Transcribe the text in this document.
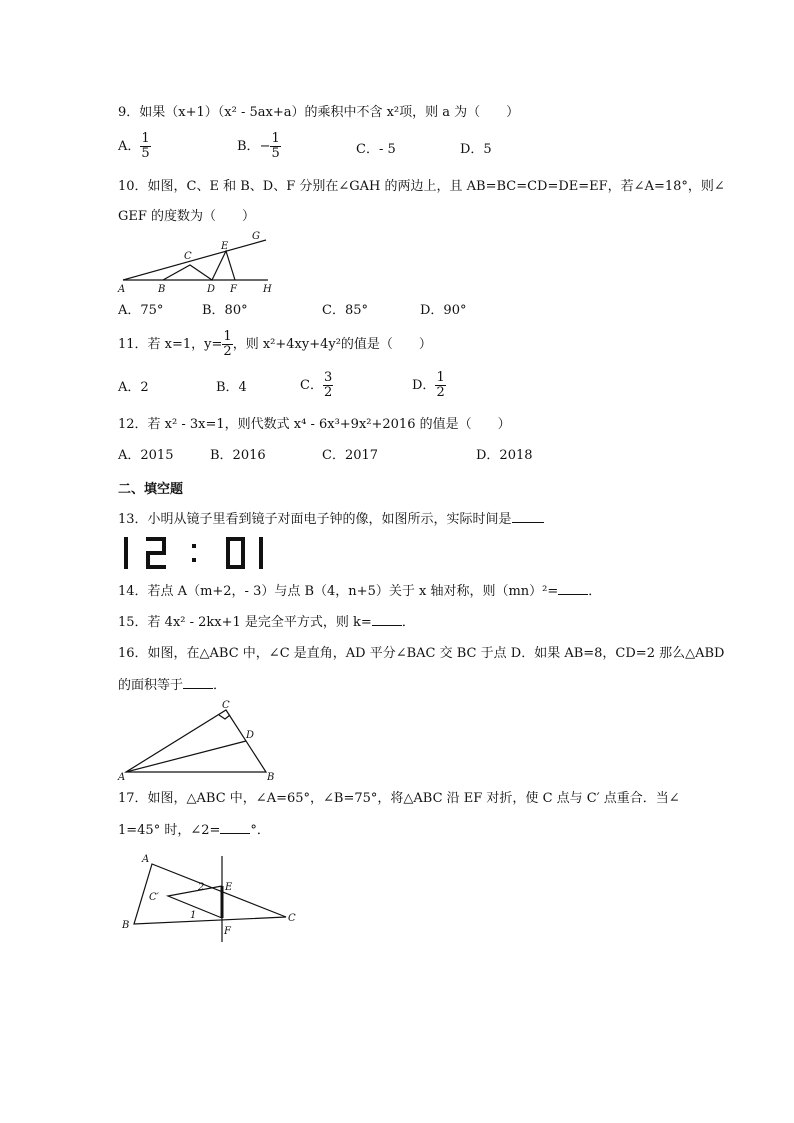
9．如果（x+1）（x² - 5ax+a）的乘积中不含 x²项，则 a 为（　　）
A． $\frac{1}{5}$	B．− $\frac{1}{5}$	C．- 5	D．5
10．如图，C、E 和 B、D、F 分别在∠GAH 的两边上，且 AB=BC=CD=DE=EF，若∠A=18°，则∠
GEF 的度数为（　　）
A	B
C
D
E
F
G
H
A．75°	B．80°	C．85°	D．90°
11．若 x=1，$y= \frac{1}{2}$ ，则 x²+4xy+4y²的值是（　　）
A．2	B．4	C． $\frac{3}{2}$	D． $\frac{1}{2}$
12．若 x² - 3x=1，则代数式 x⁴ - 6x³+9x²+2016 的值是（　　）
A．2015	B．2016	C．2017	D．2018
二、填空题
13．小明从镜子里看到镜子对面电子钟的像，如图所示，实际时间是
14．若点 A（m+2，- 3）与点 B（4，n+5）关于 x 轴对称，则（mn）²= ．
15．若 4x² - 2kx+1 是完全平方式，则 k= ．
16．如图，在△ABC 中，∠C 是直角，AD 平分∠BAC 交 BC 于点 D．如果 AB=8，CD=2 那么△ABD
的面积等于 ．
A	B
C
D
17．如图，△ABC 中，∠A=65°，∠B=75°，将△ABC 沿 EF 对折，使 C 点与 C′ 点重合．当∠
1=45° 时，∠2= °．
A
B
C
C′
E
F
1
2
